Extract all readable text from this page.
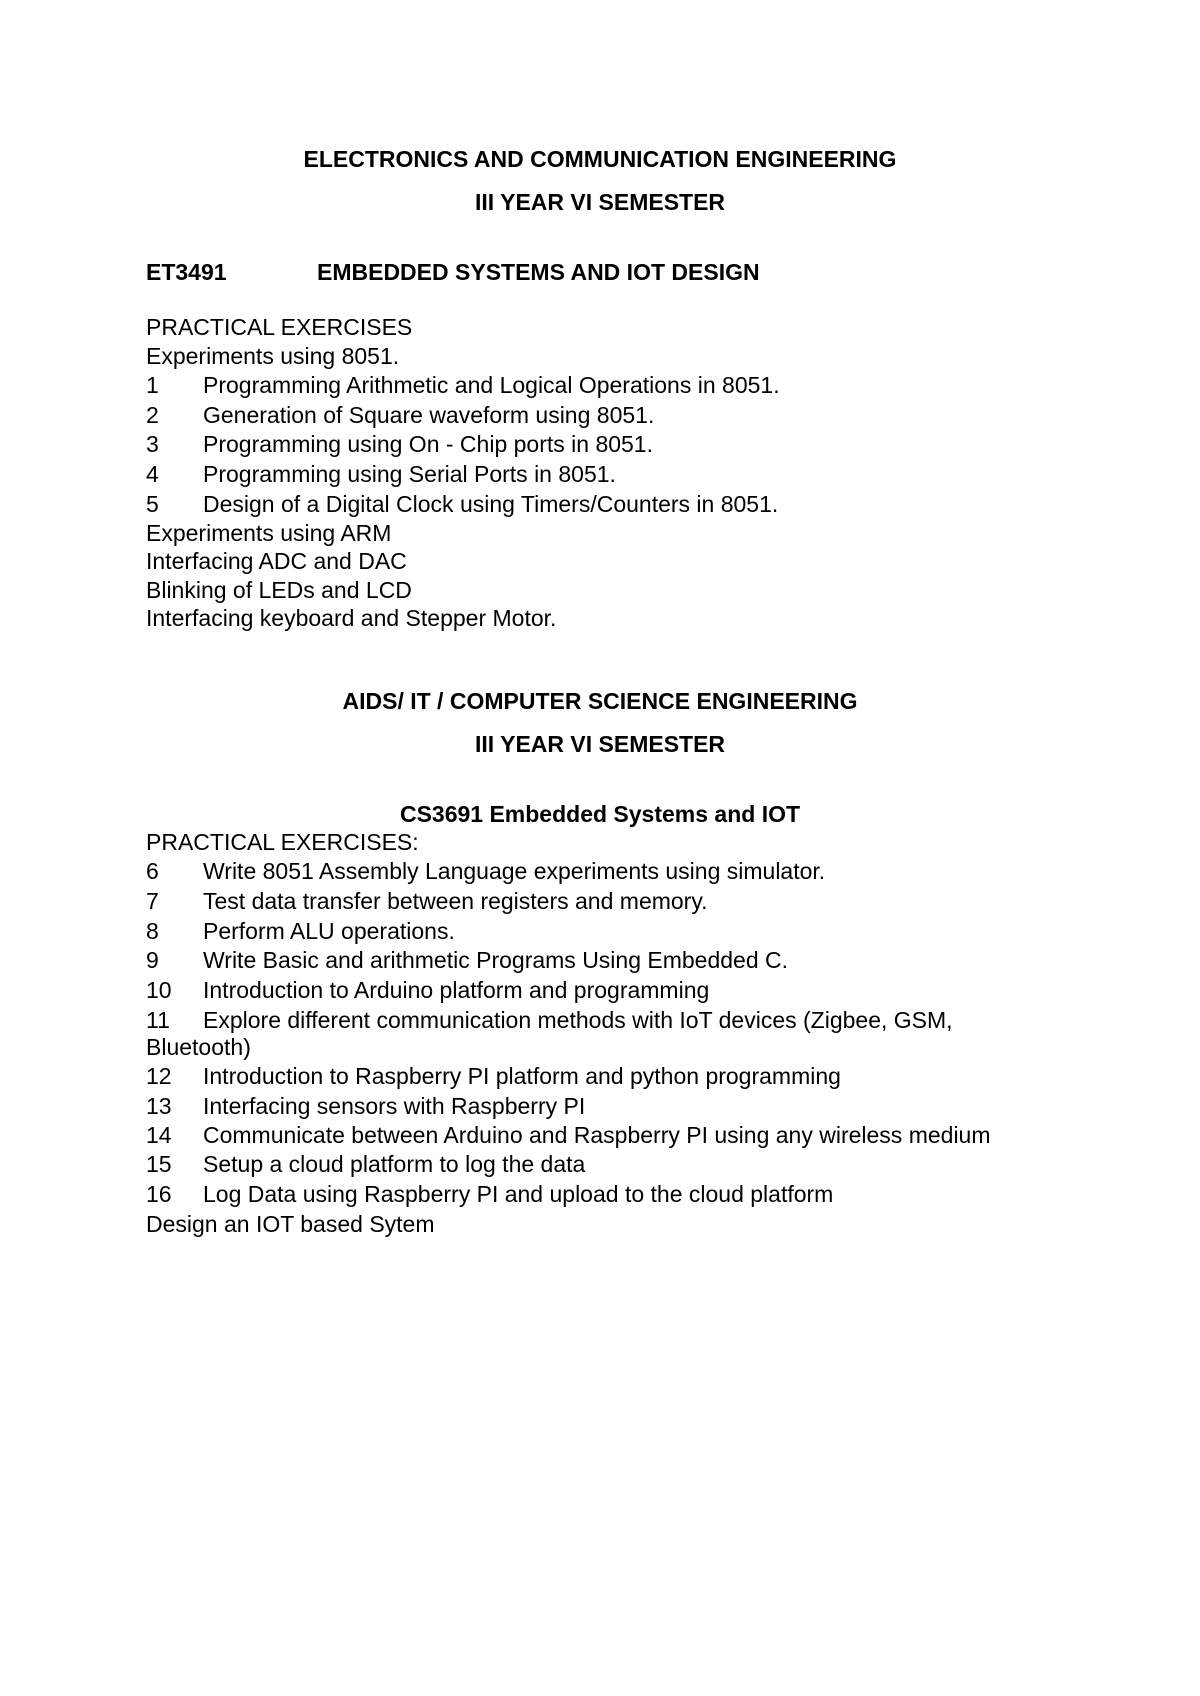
ELECTRONICS AND COMMUNICATION ENGINEERING
III YEAR VI SEMESTER
ET3491	EMBEDDED SYSTEMS AND IOT DESIGN
PRACTICAL EXERCISES
Experiments using 8051.
1 Programming Arithmetic and Logical Operations in 8051.
2 Generation of Square waveform using 8051.
3 Programming using On - Chip ports in 8051.
4 Programming using Serial Ports in 8051.
5 Design of a Digital Clock using Timers/Counters in 8051.
Experiments using ARM
Interfacing ADC and DAC
Blinking of LEDs and LCD
Interfacing keyboard and Stepper Motor.
AIDS/ IT / COMPUTER SCIENCE ENGINEERING
III YEAR VI SEMESTER
CS3691 Embedded Systems and IOT
PRACTICAL EXERCISES:
6 Write 8051 Assembly Language experiments using simulator.
7 Test data transfer between registers and memory.
8 Perform ALU operations.
9 Write Basic and arithmetic Programs Using Embedded C.
10 Introduction to Arduino platform and programming
11 Explore different communication methods with IoT devices (Zigbee, GSM,
Bluetooth)
12 Introduction to Raspberry PI platform and python programming
13 Interfacing sensors with Raspberry PI
14 Communicate between Arduino and Raspberry PI using any wireless medium
15 Setup a cloud platform to log the data
16 Log Data using Raspberry PI and upload to the cloud platform
Design an IOT based Sytem
